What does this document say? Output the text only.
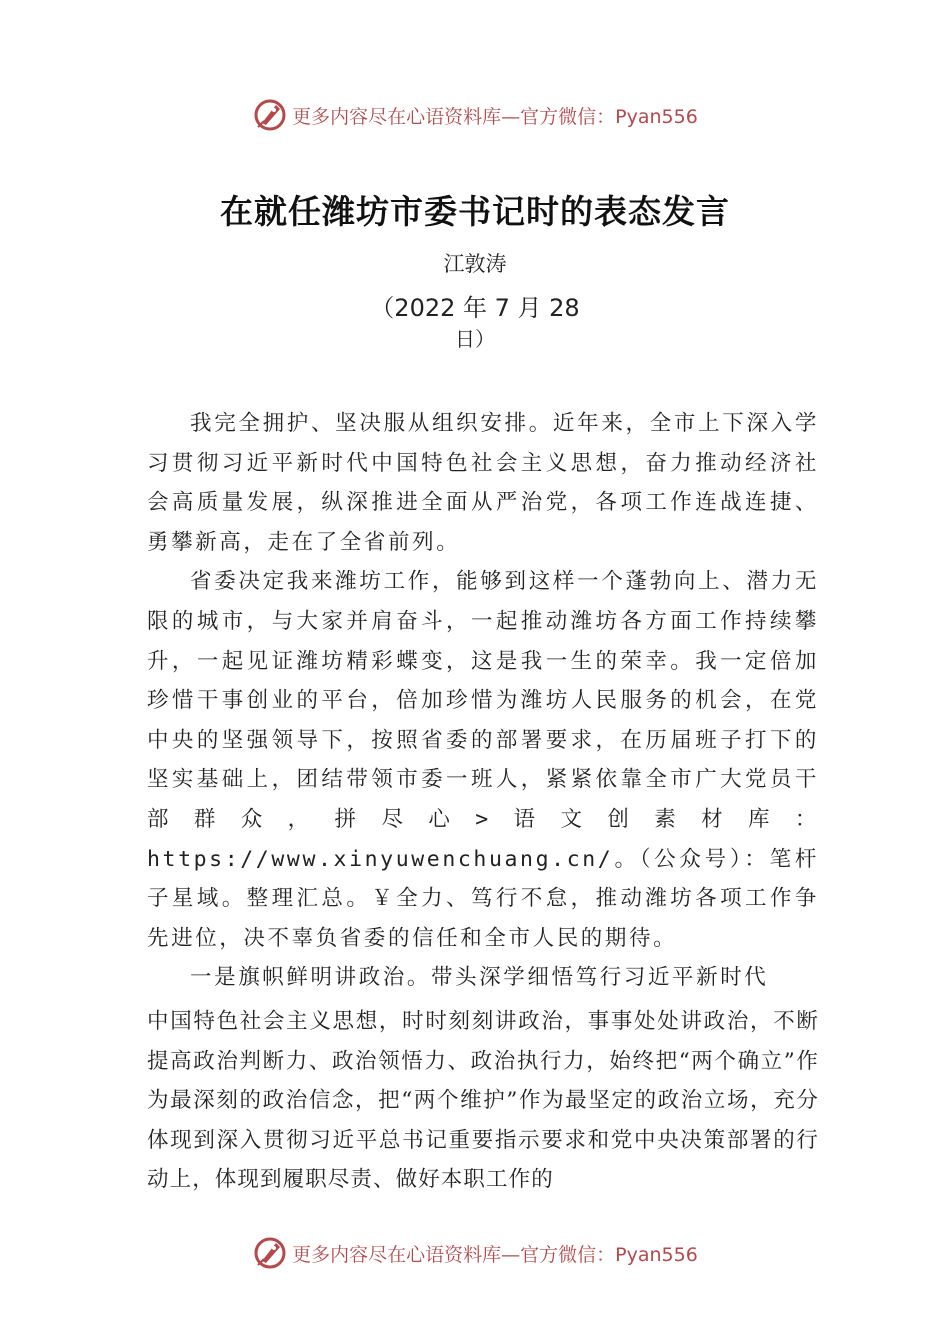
更多内容尽在心语资料库—官方微信：Pyan556
在就任潍坊市委书记时的表态发言
江敦涛
（2022 年 7 月 28
日）

我完全拥护、坚决服从组织安排。近年来，全市上下深入学习贯彻习近平新时代中国特色社会主义思想，奋力推动经济社会高质量发展，纵深推进全面从严治党，各项工作连战连捷、勇攀新高，走在了全省前列。

省委决定我来潍坊工作，能够到这样一个蓬勃向上、潜力无限的城市，与大家并肩奋斗，一起推动潍坊各方面工作持续攀升，一起见证潍坊精彩蝶变，这是我一生的荣幸。我一定倍加珍惜干事创业的平台，倍加珍惜为潍坊人民服务的机会，在党中央的坚强领导下，按照省委的部署要求，在历届班子打下的坚实基础上，团结带领市委一班人，紧紧依靠全市广大党员干部群众，拼尽心>语文创素材库：https://www.xinyuwenchuang.cn/。（公众号）：笔杆子星域。整理汇总。￥全力、笃行不怠，推动潍坊各项工作争先进位，决不辜负省委的信任和全市人民的期待。

一是旗帜鲜明讲政治。带头深学细悟笃行习近平新时代

中国特色社会主义思想，时时刻刻讲政治，事事处处讲政治，不断提高政治判断力、政治领悟力、政治执行力，始终把“两个确立”作为最深刻的政治信念，把“两个维护”作为最坚定的政治立场，充分体现到深入贯彻习近平总书记重要指示要求和党中央决策部署的行动上，体现到履职尽责、做好本职工作的

更多内容尽在心语资料库—官方微信：Pyan556
